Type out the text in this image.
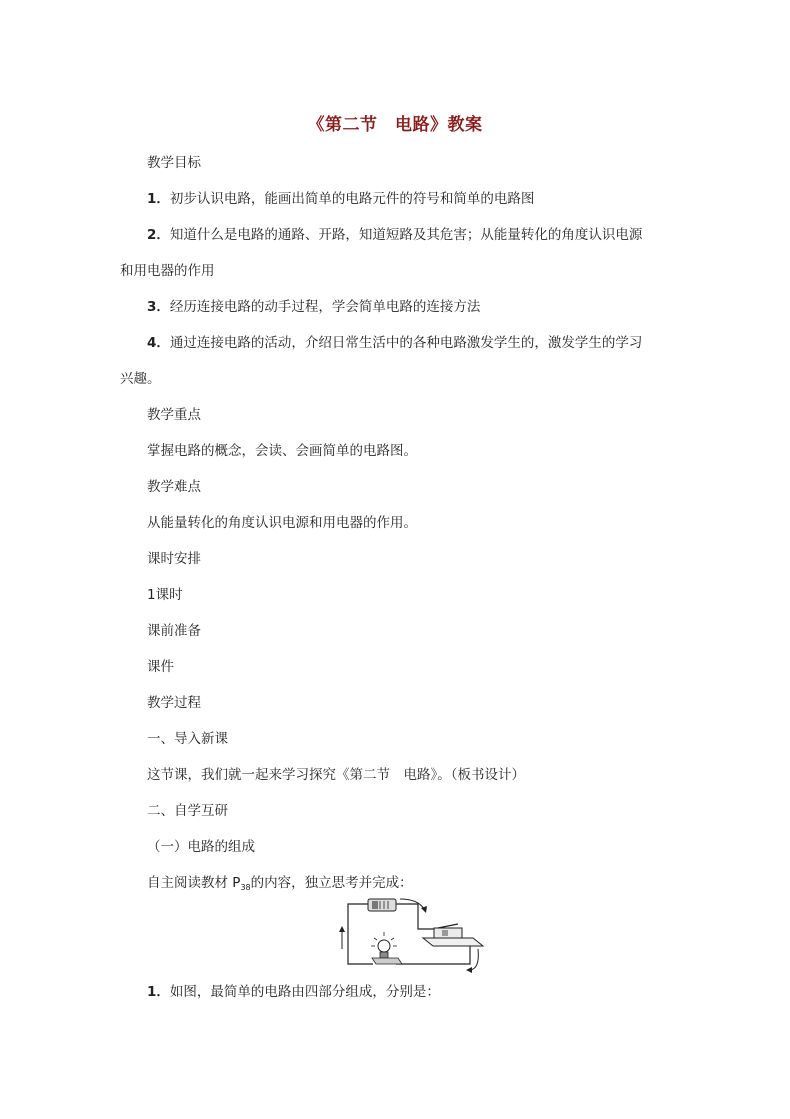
《第二节　电路》教案
教学目标
1．初步认识电路，能画出简单的电路元件的符号和简单的电路图
2．知道什么是电路的通路、开路，知道短路及其危害；从能量转化的角度认识电源
和用电器的作用
3．经历连接电路的动手过程，学会简单电路的连接方法
4．通过连接电路的活动，介绍日常生活中的各种电路激发学生的，激发学生的学习
兴趣。
教学重点
掌握电路的概念，会读、会画简单的电路图。
教学难点
从能量转化的角度认识电源和用电器的作用。
课时安排
1课时
课前准备
课件
教学过程
一、导入新课
这节课，我们就一起来学习探究《第二节　电路》。（板书设计）
二、自学互研
（一）电路的组成
自主阅读教材 $P_{38}$的内容，独立思考并完成：
1．如图，最简单的电路由四部分组成，分别是：
